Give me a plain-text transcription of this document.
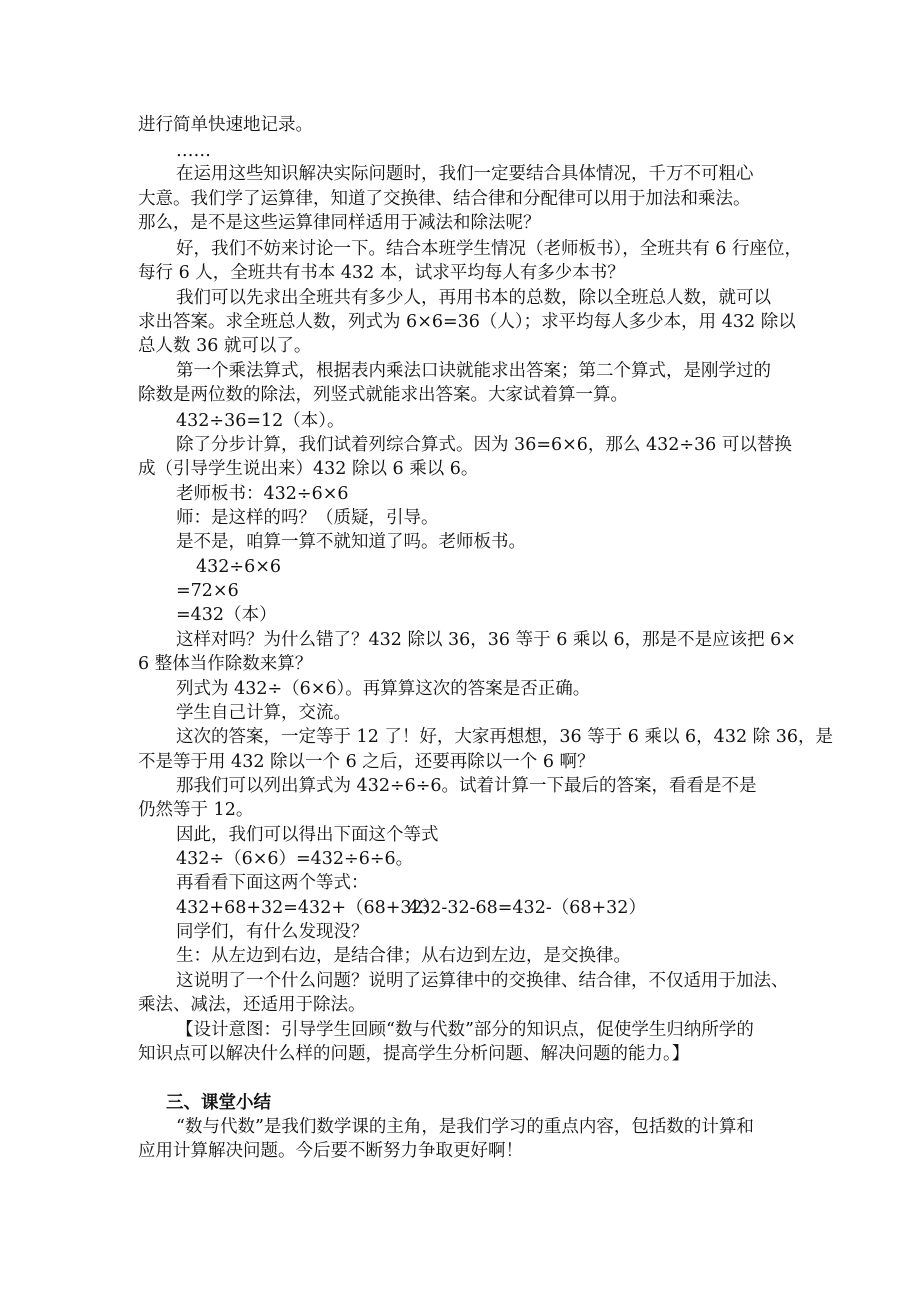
进行简单快速地记录。
……
在运用这些知识解决实际问题时，我们一定要结合具体情况，千万不可粗心
大意。我们学了运算律，知道了交换律、结合律和分配律可以用于加法和乘法。
那么，是不是这些运算律同样适用于减法和除法呢？
好，我们不妨来讨论一下。结合本班学生情况（老师板书），全班共有 6 行座位，
每行 6 人，全班共有书本 432 本，试求平均每人有多少本书？
我们可以先求出全班共有多少人，再用书本的总数，除以全班总人数，就可以
求出答案。求全班总人数，列式为 6×6=36（人）；求平均每人多少本，用 432 除以
总人数 36 就可以了。
第一个乘法算式，根据表内乘法口诀就能求出答案；第二个算式，是刚学过的
除数是两位数的除法，列竖式就能求出答案。大家试着算一算。
432÷36=12（本）。
除了分步计算，我们试着列综合算式。因为 36=6×6，那么 432÷36 可以替换
成（引导学生说出来）432 除以 6 乘以 6。
老师板书：432÷6×6
师：是这样的吗？（质疑，引导。
是不是，咱算一算不就知道了吗。老师板书。
432÷6×6
=72×6
=432（本）
这样对吗？为什么错了？432 除以 36，36 等于 6 乘以 6，那是不是应该把 6×
6 整体当作除数来算？
列式为 432÷（6×6）。再算算这次的答案是否正确。
学生自己计算，交流。
这次的答案，一定等于 12 了！好，大家再想想，36 等于 6 乘以 6，432 除 36，是
不是等于用 432 除以一个 6 之后，还要再除以一个 6 啊？
那我们可以列出算式为 432÷6÷6。试着计算一下最后的答案，看看是不是
仍然等于 12。
因此，我们可以得出下面这个等式
432÷（6×6）=432÷6÷6。
再看看下面这两个等式：
432+68+32=432+（68+32）
432-32-68=432-（68+32）
同学们，有什么发现没？
生：从左边到右边，是结合律；从右边到左边，是交换律。
这说明了一个什么问题？说明了运算律中的交换律、结合律，不仅适用于加法、
乘法、减法，还适用于除法。
【设计意图：引导学生回顾“数与代数”部分的知识点，促使学生归纳所学的
知识点可以解决什么样的问题，提高学生分析问题、解决问题的能力。】
三、课堂小结
“数与代数”是我们数学课的主角，是我们学习的重点内容，包括数的计算和
应用计算解决问题。今后要不断努力争取更好啊！
